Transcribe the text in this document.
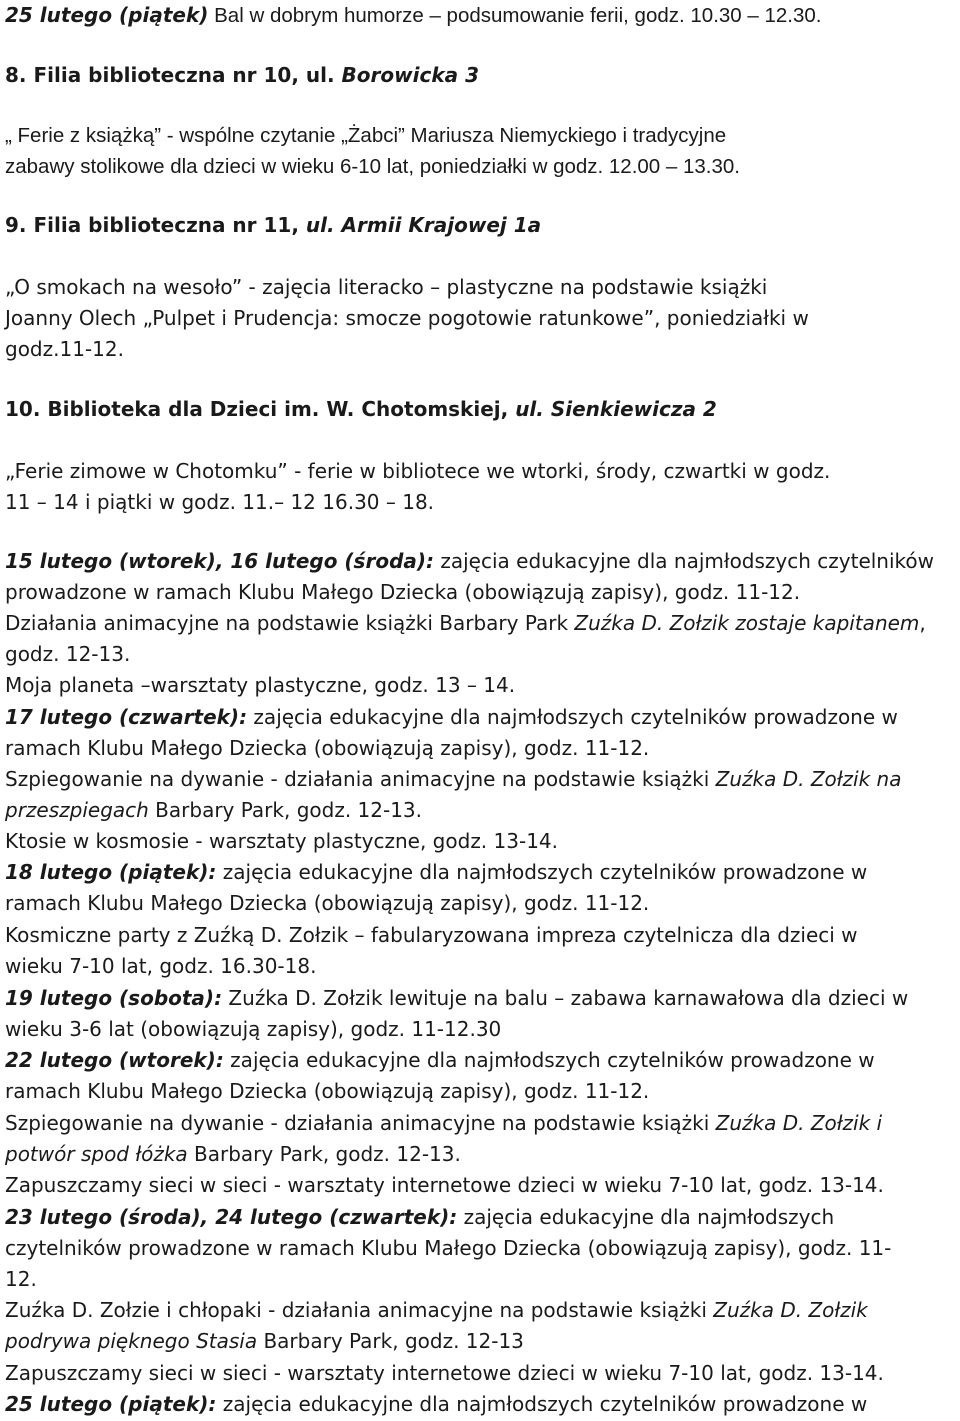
25 lutego (piątek) Bal w dobrym humorze – podsumowanie ferii, godz. 10.30 – 12.30.

8. Filia biblioteczna nr 10, ul. Borowicka 3

„ Ferie z książką” - wspólne czytanie „Żabci” Mariusza Niemyckiego i tradycyjne

zabawy stolikowe dla dzieci w wieku 6-10 lat, poniedziałki w godz. 12.00 – 13.30.

9. Filia biblioteczna nr 11, ul. Armii Krajowej 1a

„O smokach na wesoło” - zajęcia literacko – plastyczne na podstawie książki

Joanny Olech „Pulpet i Prudencja: smocze pogotowie ratunkowe”, poniedziałki w

godz.11-12.

10. Biblioteka dla Dzieci im. W. Chotomskiej, ul. Sienkiewicza 2

„Ferie zimowe w Chotomku” - ferie w bibliotece we wtorki, środy, czwartki w godz.

11 – 14 i piątki w godz. 11.– 12 16.30 – 18.

15 lutego (wtorek), 16 lutego (środa): zajęcia edukacyjne dla najmłodszych czytelników

prowadzone w ramach Klubu Małego Dziecka (obowiązują zapisy), godz. 11-12.

Działania animacyjne na podstawie książki Barbary Park Zuźka D. Zołzik zostaje kapitanem,

godz. 12-13.

Moja planeta –warsztaty plastyczne, godz. 13 – 14.

17 lutego (czwartek): zajęcia edukacyjne dla najmłodszych czytelników prowadzone w

ramach Klubu Małego Dziecka (obowiązują zapisy), godz. 11-12.

Szpiegowanie na dywanie - działania animacyjne na podstawie książki Zuźka D. Zołzik na

przeszpiegach Barbary Park, godz. 12-13.

Ktosie w kosmosie - warsztaty plastyczne, godz. 13-14.

18 lutego (piątek): zajęcia edukacyjne dla najmłodszych czytelników prowadzone w

ramach Klubu Małego Dziecka (obowiązują zapisy), godz. 11-12.

Kosmiczne party z Zuźką D. Zołzik – fabularyzowana impreza czytelnicza dla dzieci w

wieku 7-10 lat, godz. 16.30-18.

19 lutego (sobota): Zuźka D. Zołzik lewituje na balu – zabawa karnawałowa dla dzieci w

wieku 3-6 lat (obowiązują zapisy), godz. 11-12.30

22 lutego (wtorek): zajęcia edukacyjne dla najmłodszych czytelników prowadzone w

ramach Klubu Małego Dziecka (obowiązują zapisy), godz. 11-12.

Szpiegowanie na dywanie - działania animacyjne na podstawie książki Zuźka D. Zołzik i

potwór spod łóżka Barbary Park, godz. 12-13.

Zapuszczamy sieci w sieci - warsztaty internetowe dzieci w wieku 7-10 lat, godz. 13-14.

23 lutego (środa), 24 lutego (czwartek): zajęcia edukacyjne dla najmłodszych

czytelników prowadzone w ramach Klubu Małego Dziecka (obowiązują zapisy), godz. 11-

12.

Zuźka D. Zołzie i chłopaki - działania animacyjne na podstawie książki Zuźka D. Zołzik

podrywa pięknego Stasia Barbary Park, godz. 12-13

Zapuszczamy sieci w sieci - warsztaty internetowe dzieci w wieku 7-10 lat, godz. 13-14.

25 lutego (piątek): zajęcia edukacyjne dla najmłodszych czytelników prowadzone w
